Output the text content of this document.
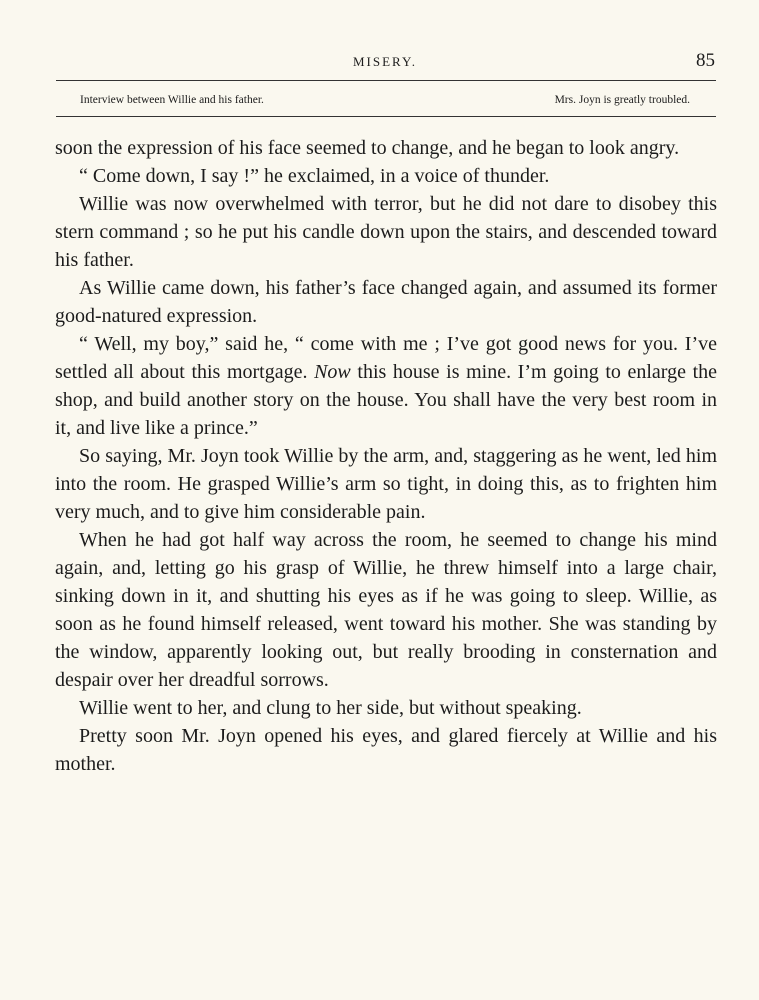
MISERY.	85
Interview between Willie and his father.	Mrs. Joyn is greatly troubled.

soon the expression of his face seemed to change, and he began to look angry.

“ Come down, I say !” he exclaimed, in a voice of thunder.

Willie was now overwhelmed with terror, but he did not dare to disobey this stern command ; so he put his candle down upon the stairs, and descended toward his father.

As Willie came down, his father’s face changed again, and assumed its former good-natured expression.

“ Well, my boy,” said he, “ come with me ; I’ve got good news for you. I’ve settled all about this mortgage. Now this house is mine. I’m going to enlarge the shop, and build another story on the house. You shall have the very best room in it, and live like a prince.”

So saying, Mr. Joyn took Willie by the arm, and, staggering as he went, led him into the room. He grasped Willie’s arm so tight, in doing this, as to frighten him very much, and to give him considerable pain.

When he had got half way across the room, he seemed to change his mind again, and, letting go his grasp of Willie, he threw himself into a large chair, sinking down in it, and shutting his eyes as if he was going to sleep. Willie, as soon as he found himself released, went toward his mother. She was standing by the window, apparently looking out, but really brooding in consternation and despair over her dreadful sorrows.

Willie went to her, and clung to her side, but without speaking.

Pretty soon Mr. Joyn opened his eyes, and glared fiercely at Willie and his mother.
